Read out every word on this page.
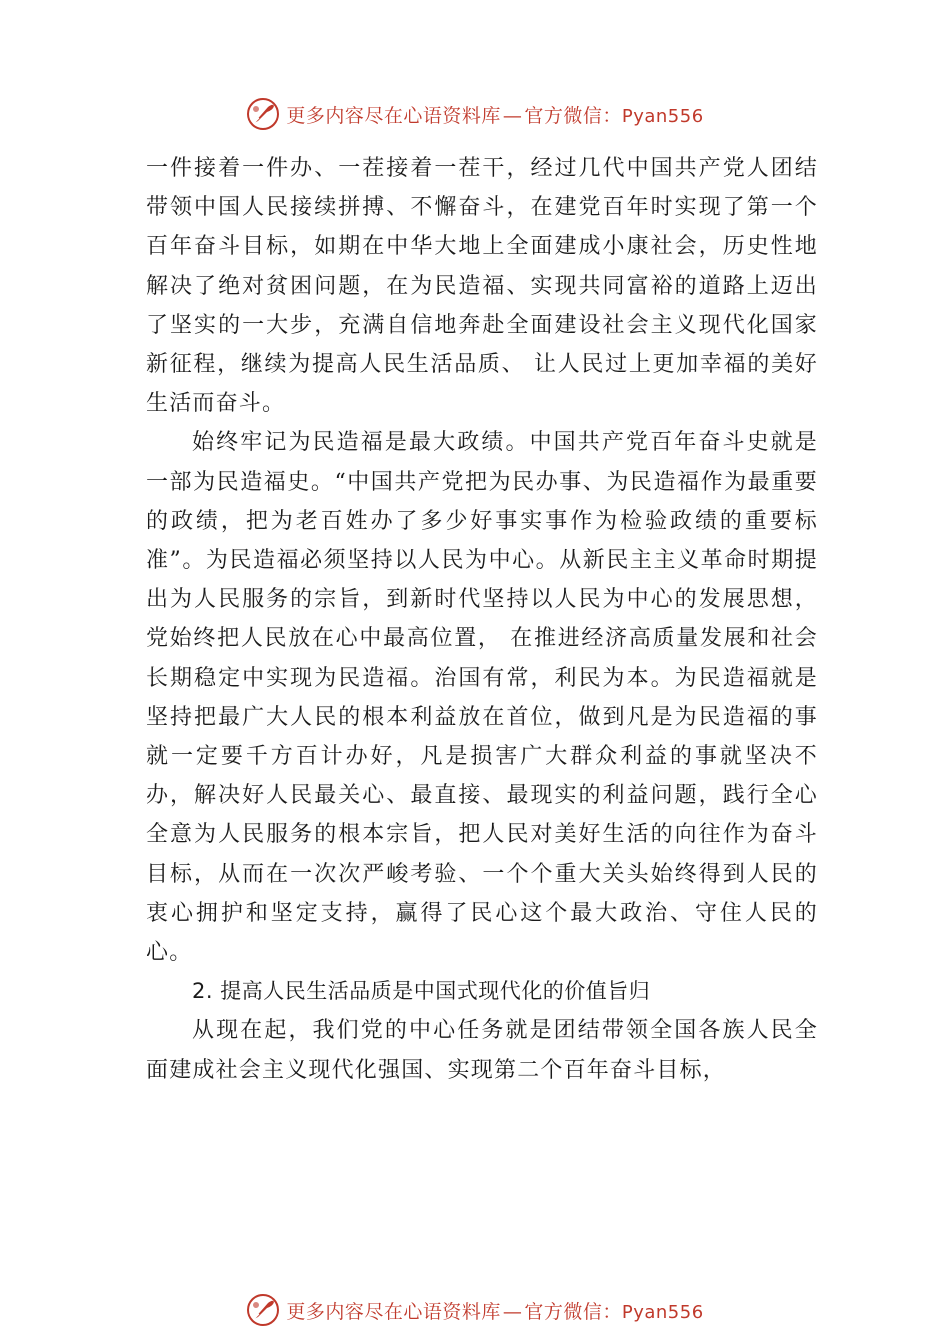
更多内容尽在心语资料库 — 官方微信：Pyan556

一件接着一件办、一茬接着一茬干，经过几代中国共产党人团结带领中国人民接续拼搏、不懈奋斗，在建党百年时实现了第一个百年奋斗目标，如期在中华大地上全面建成小康社会，历史性地解决了绝对贫困问题，在为民造福、实现共同富裕的道路上迈出了坚实的一大步，充满自信地奔赴全面建设社会主义现代化国家新征程，继续为提高人民生活品质、 让人民过上更加幸福的美好生活而奋斗。

始终牢记为民造福是最大政绩。中国共产党百年奋斗史就是一部为民造福史。“中国共产党把为民办事、为民造福作为最重要的政绩，把为老百姓办了多少好事实事作为检验政绩的重要标准”。为民造福必须坚持以人民为中心。从新民主主义革命时期提出为人民服务的宗旨，到新时代坚持以人民为中心的发展思想，党始终把人民放在心中最高位置， 在推进经济高质量发展和社会长期稳定中实现为民造福。治国有常，利民为本。为民造福就是坚持把最广大人民的根本利益放在首位，做到凡是为民造福的事就一定要千方百计办好，凡是损害广大群众利益的事就坚决不办，解决好人民最关心、最直接、最现实的利益问题，践行全心全意为人民服务的根本宗旨，把人民对美好生活的向往作为奋斗目标，从而在一次次严峻考验、一个个重大关头始终得到人民的衷心拥护和坚定支持，赢得了民心这个最大政治、守住人民的心。

2. 提高人民生活品质是中国式现代化的价值旨归

从现在起，我们党的中心任务就是团结带领全国各族人民全面建成社会主义现代化强国、实现第二个百年奋斗目标，

更多内容尽在心语资料库 — 官方微信：Pyan556
